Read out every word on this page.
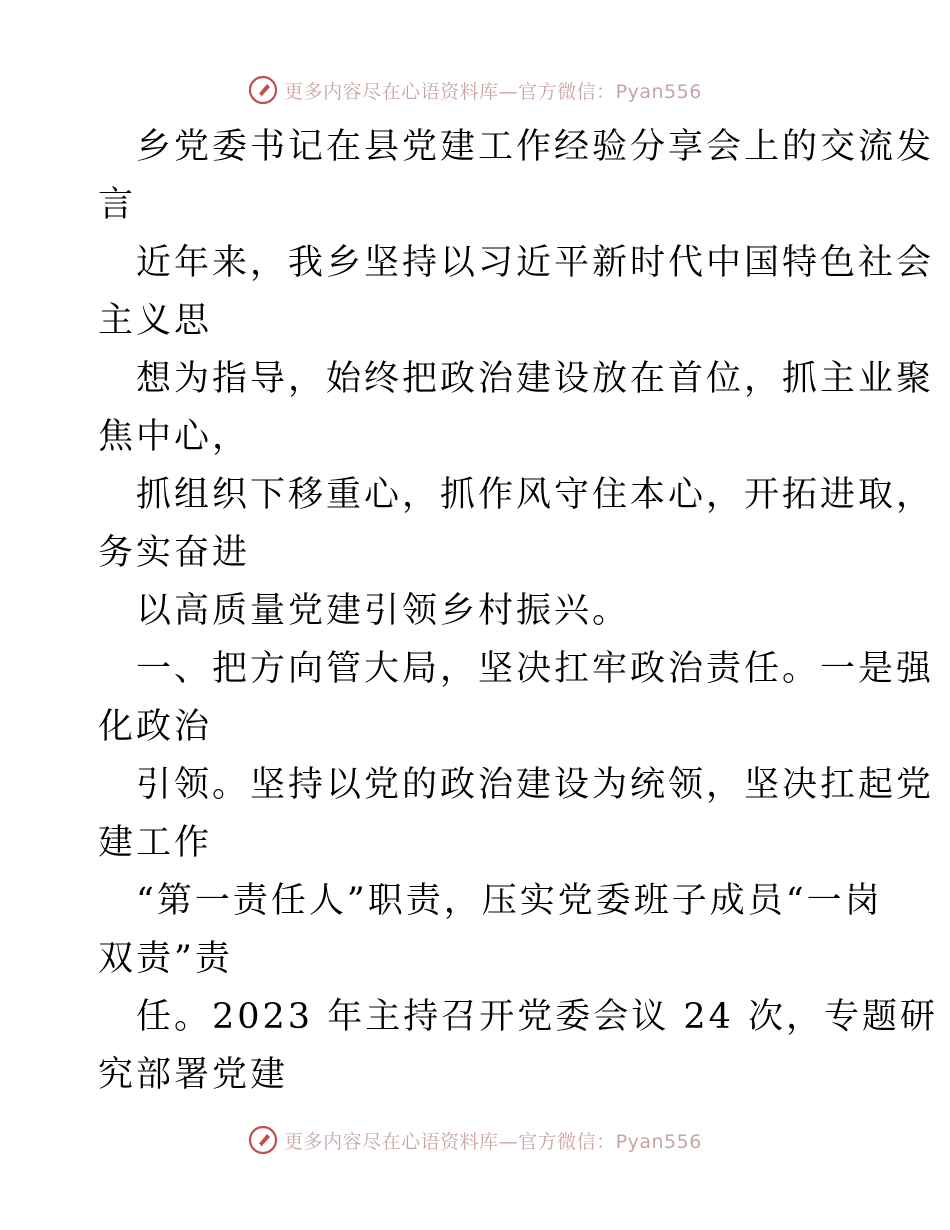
更多内容尽在心语资料库—官方微信：Pyan556

乡党委书记在县党建工作经验分享会上的交流发

言

近年来，我乡坚持以习近平新时代中国特色社会

主义思

想为指导，始终把政治建设放在首位，抓主业聚

焦中心，

抓组织下移重心，抓作风守住本心，开拓进取，

务实奋进

以高质量党建引领乡村振兴。

一、把方向管大局，坚决扛牢政治责任。一是强

化政治

引领。坚持以党的政治建设为统领，坚决扛起党

建工作

“第一责任人”职责，压实党委班子成员“一岗

双责”责

任。2023 年主持召开党委会议 24 次，专题研

究部署党建

更多内容尽在心语资料库—官方微信：Pyan556
